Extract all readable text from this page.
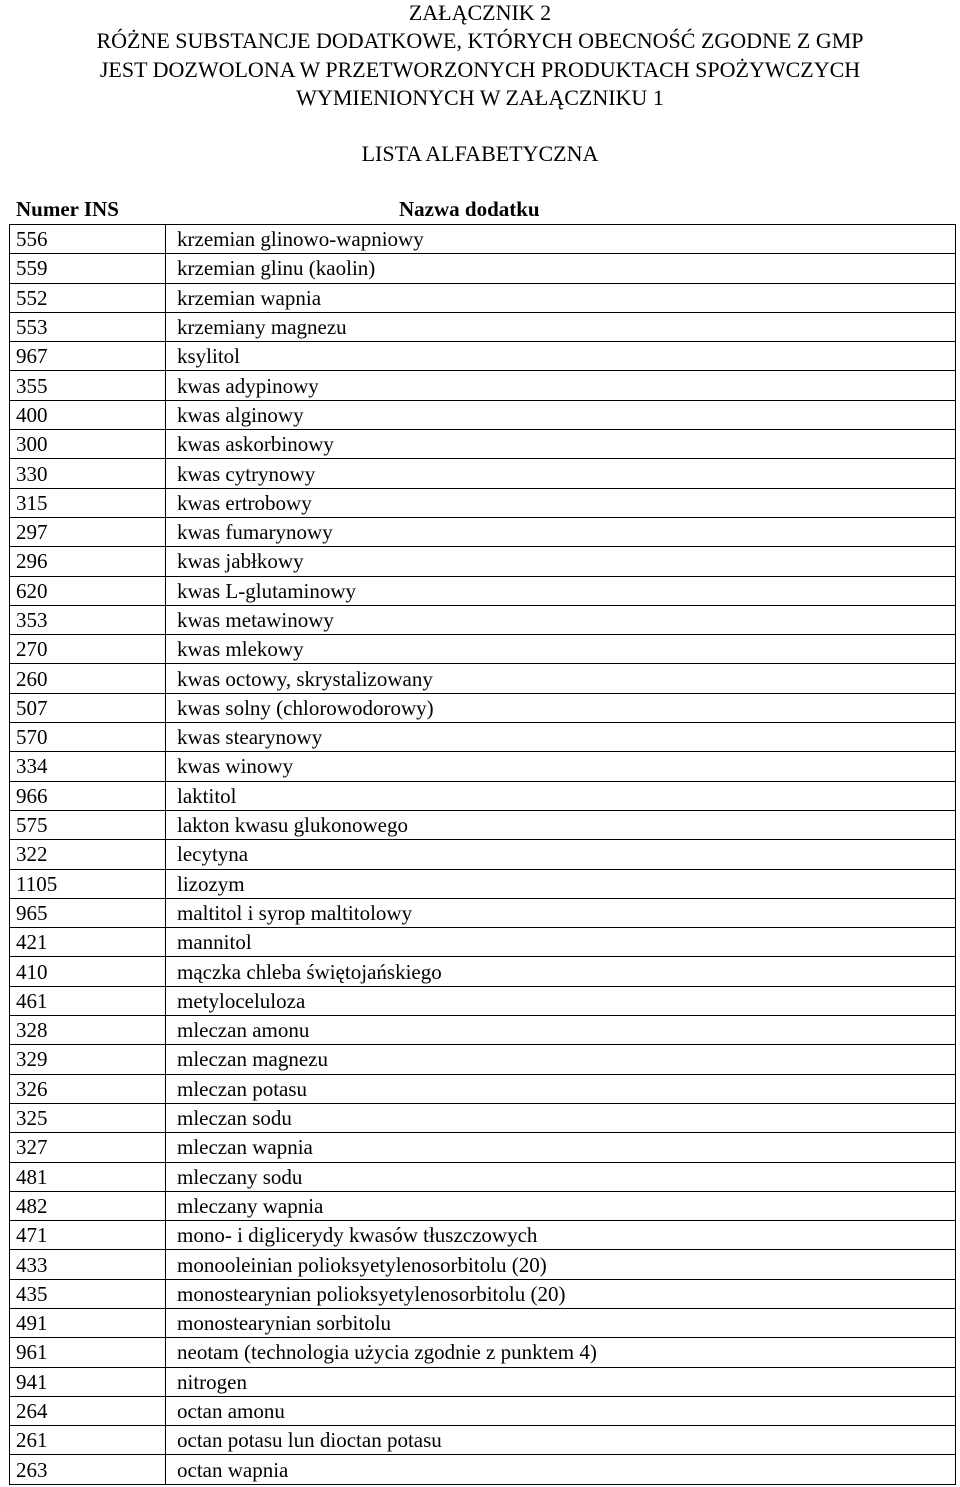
ZAŁĄCZNIK 2
RÓŻNE SUBSTANCJE DODATKOWE, KTÓRYCH OBECNOŚĆ ZGODNE Z GMP
JEST DOZWOLONA W PRZETWORZONYCH PRODUKTACH SPOŻYWCZYCH
WYMIENIONYCH W ZAŁĄCZNIKU 1
LISTA ALFABETYCZNA
Numer INS	Nazwa dodatku
556	krzemian glinowo-wapniowy
559	krzemian glinu (kaolin)
552	krzemian wapnia
553	krzemiany magnezu
967	ksylitol
355	kwas adypinowy
400	kwas alginowy
300	kwas askorbinowy
330	kwas cytrynowy
315	kwas ertrobowy
297	kwas fumarynowy
296	kwas jabłkowy
620	kwas L-glutaminowy
353	kwas metawinowy
270	kwas mlekowy
260	kwas octowy, skrystalizowany
507	kwas solny (chlorowodorowy)
570	kwas stearynowy
334	kwas winowy
966	laktitol
575	lakton kwasu glukonowego
322	lecytyna
1105	lizozym
965	maltitol i syrop maltitolowy
421	mannitol
410	mączka chleba świętojańskiego
461	metyloceluloza
328	mleczan amonu
329	mleczan magnezu
326	mleczan potasu
325	mleczan sodu
327	mleczan wapnia
481	mleczany sodu
482	mleczany wapnia
471	mono- i diglicerydy kwasów tłuszczowych
433	monooleinian polioksyetylenosorbitolu (20)
435	monostearynian polioksyetylenosorbitolu (20)
491	monostearynian sorbitolu
961	neotam (technologia użycia zgodnie z punktem 4)
941	nitrogen
264	octan amonu
261	octan potasu lun dioctan potasu
263	octan wapnia
